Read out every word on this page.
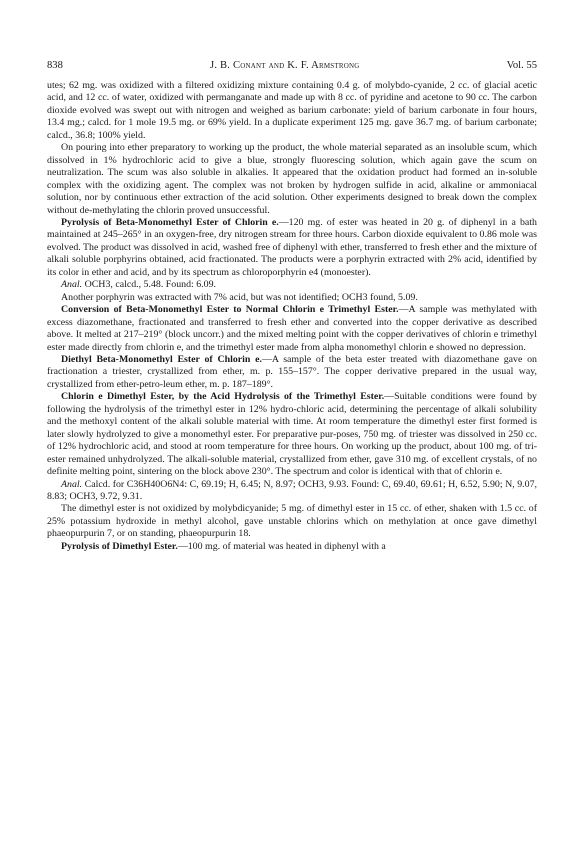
838	J. B. Conant and K. F. Armstrong	Vol. 55

utes; 62 mg. was oxidized with a filtered oxidizing mixture containing 0.4 g. of molybdo-cyanide, 2 cc. of glacial acetic acid, and 12 cc. of water, oxidized with permanganate and made up with 8 cc. of pyridine and acetone to 90 cc. The carbon dioxide evolved was swept out with nitrogen and weighed as barium carbonate: yield of barium carbonate in four hours, 13.4 mg.; calcd. for 1 mole 19.5 mg. or 69% yield. In a duplicate experiment 125 mg. gave 36.7 mg. of barium carbonate; calcd., 36.8; 100% yield.

On pouring into ether preparatory to working up the product, the whole material separated as an insoluble scum, which dissolved in 1% hydrochloric acid to give a blue, strongly fluorescing solution, which again gave the scum on neutralization. The scum was also soluble in alkalies. It appeared that the oxidation product had formed an in-soluble complex with the oxidizing agent. The complex was not broken by hydrogen sulfide in acid, alkaline or ammoniacal solution, nor by continuous ether extraction of the acid solution. Other experiments designed to break down the complex without de-methylating the chlorin proved unsuccessful.

Pyrolysis of Beta-Monomethyl Ester of Chlorin e.—120 mg. of ester was heated in 20 g. of diphenyl in a bath maintained at 245–265° in an oxygen-free, dry nitrogen stream for three hours. Carbon dioxide equivalent to 0.86 mole was evolved. The product was dissolved in acid, washed free of diphenyl with ether, transferred to fresh ether and the mixture of alkali soluble porphyrins obtained, acid fractionated. The products were a porphyrin extracted with 2% acid, identified by its color in ether and acid, and by its spectrum as chloroporphyrin e4 (monoester).

Anal. OCH3, calcd., 5.48. Found: 6.09.

Another porphyrin was extracted with 7% acid, but was not identified; OCH3 found, 5.09.

Conversion of Beta-Monomethyl Ester to Normal Chlorin e Trimethyl Ester.—A sample was methylated with excess diazomethane, fractionated and transferred to fresh ether and converted into the copper derivative as described above. It melted at 217–219° (block uncorr.) and the mixed melting point with the copper derivatives of chlorin e trimethyl ester made directly from chlorin e, and the trimethyl ester made from alpha monomethyl chlorin e showed no depression.

Diethyl Beta-Monomethyl Ester of Chlorin e.—A sample of the beta ester treated with diazomethane gave on fractionation a triester, crystallized from ether, m. p. 155–157°. The copper derivative prepared in the usual way, crystallized from ether-petro-leum ether, m. p. 187–189°.

Chlorin e Dimethyl Ester, by the Acid Hydrolysis of the Trimethyl Ester.—Suitable conditions were found by following the hydrolysis of the trimethyl ester in 12% hydro-chloric acid, determining the percentage of alkali solubility and the methoxyl content of the alkali soluble material with time. At room temperature the dimethyl ester first formed is later slowly hydrolyzed to give a monomethyl ester. For preparative pur-poses, 750 mg. of triester was dissolved in 250 cc. of 12% hydrochloric acid, and stood at room temperature for three hours. On working up the product, about 100 mg. of tri-ester remained unhydrolyzed. The alkali-soluble material, crystallized from ether, gave 310 mg. of excellent crystals, of no definite melting point, sintering on the block above 230°. The spectrum and color is identical with that of chlorin e.

Anal. Calcd. for C36H40O6N4: C, 69.19; H, 6.45; N, 8.97; OCH3, 9.93. Found: C, 69.40, 69.61; H, 6.52, 5.90; N, 9.07, 8.83; OCH3, 9.72, 9.31.

The dimethyl ester is not oxidized by molybdicyanide; 5 mg. of dimethyl ester in 15 cc. of ether, shaken with 1.5 cc. of 25% potassium hydroxide in methyl alcohol, gave unstable chlorins which on methylation at once gave dimethyl phaeopurpurin 7, or on standing, phaeopurpurin 18.

Pyrolysis of Dimethyl Ester.—100 mg. of material was heated in diphenyl with a
